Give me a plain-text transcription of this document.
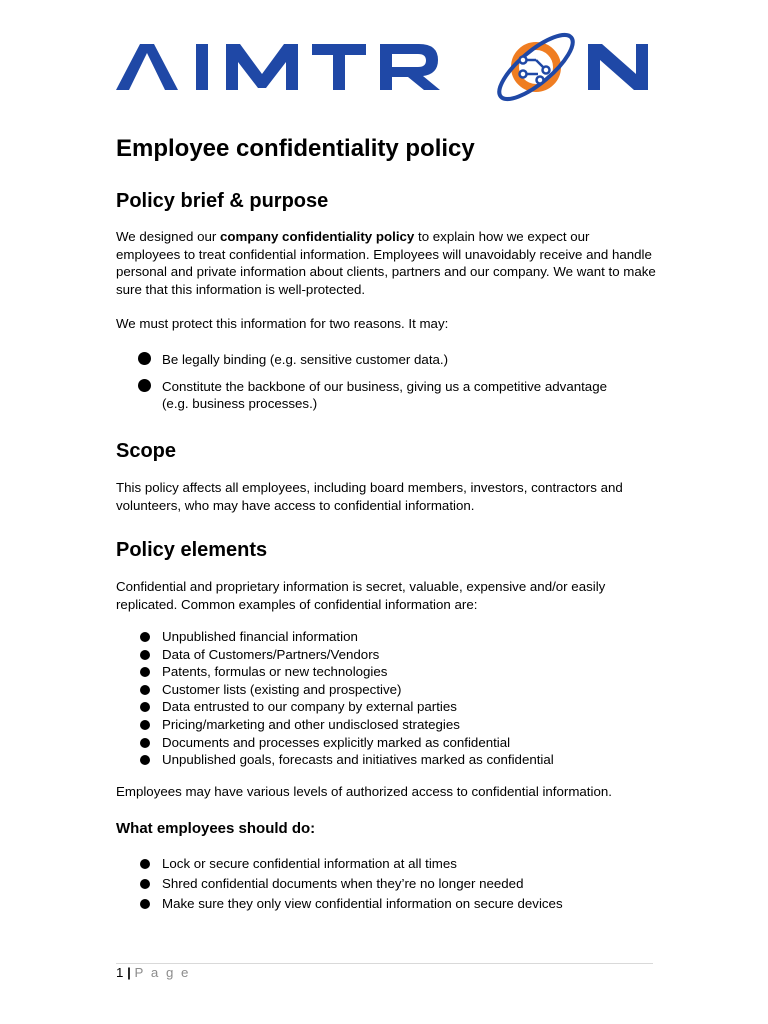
Employee confidentiality policy
Policy brief & purpose

We designed our company confidentiality policy to explain how we expect our employees to treat confidential information. Employees will unavoidably receive and handle personal and private information about clients, partners and our company. We want to make sure that this information is well-protected.

We must protect this information for two reasons. It may:

Be legally binding (e.g. sensitive customer data.)
Constitute the backbone of our business, giving us a competitive advantage (e.g. business processes.)
Scope

This policy affects all employees, including board members, investors, contractors and volunteers, who may have access to confidential information.

Policy elements

Confidential and proprietary information is secret, valuable, expensive and/or easily replicated. Common examples of confidential information are:

Unpublished financial information
Data of Customers/Partners/Vendors
Patents, formulas or new technologies
Customer lists (existing and prospective)
Data entrusted to our company by external parties
Pricing/marketing and other undisclosed strategies
Documents and processes explicitly marked as confidential
Unpublished goals, forecasts and initiatives marked as confidential

Employees may have various levels of authorized access to confidential information.

What employees should do:
Lock or secure confidential information at all times
Shred confidential documents when they’re no longer needed
Make sure they only view confidential information on secure devices
1 | P a g e
